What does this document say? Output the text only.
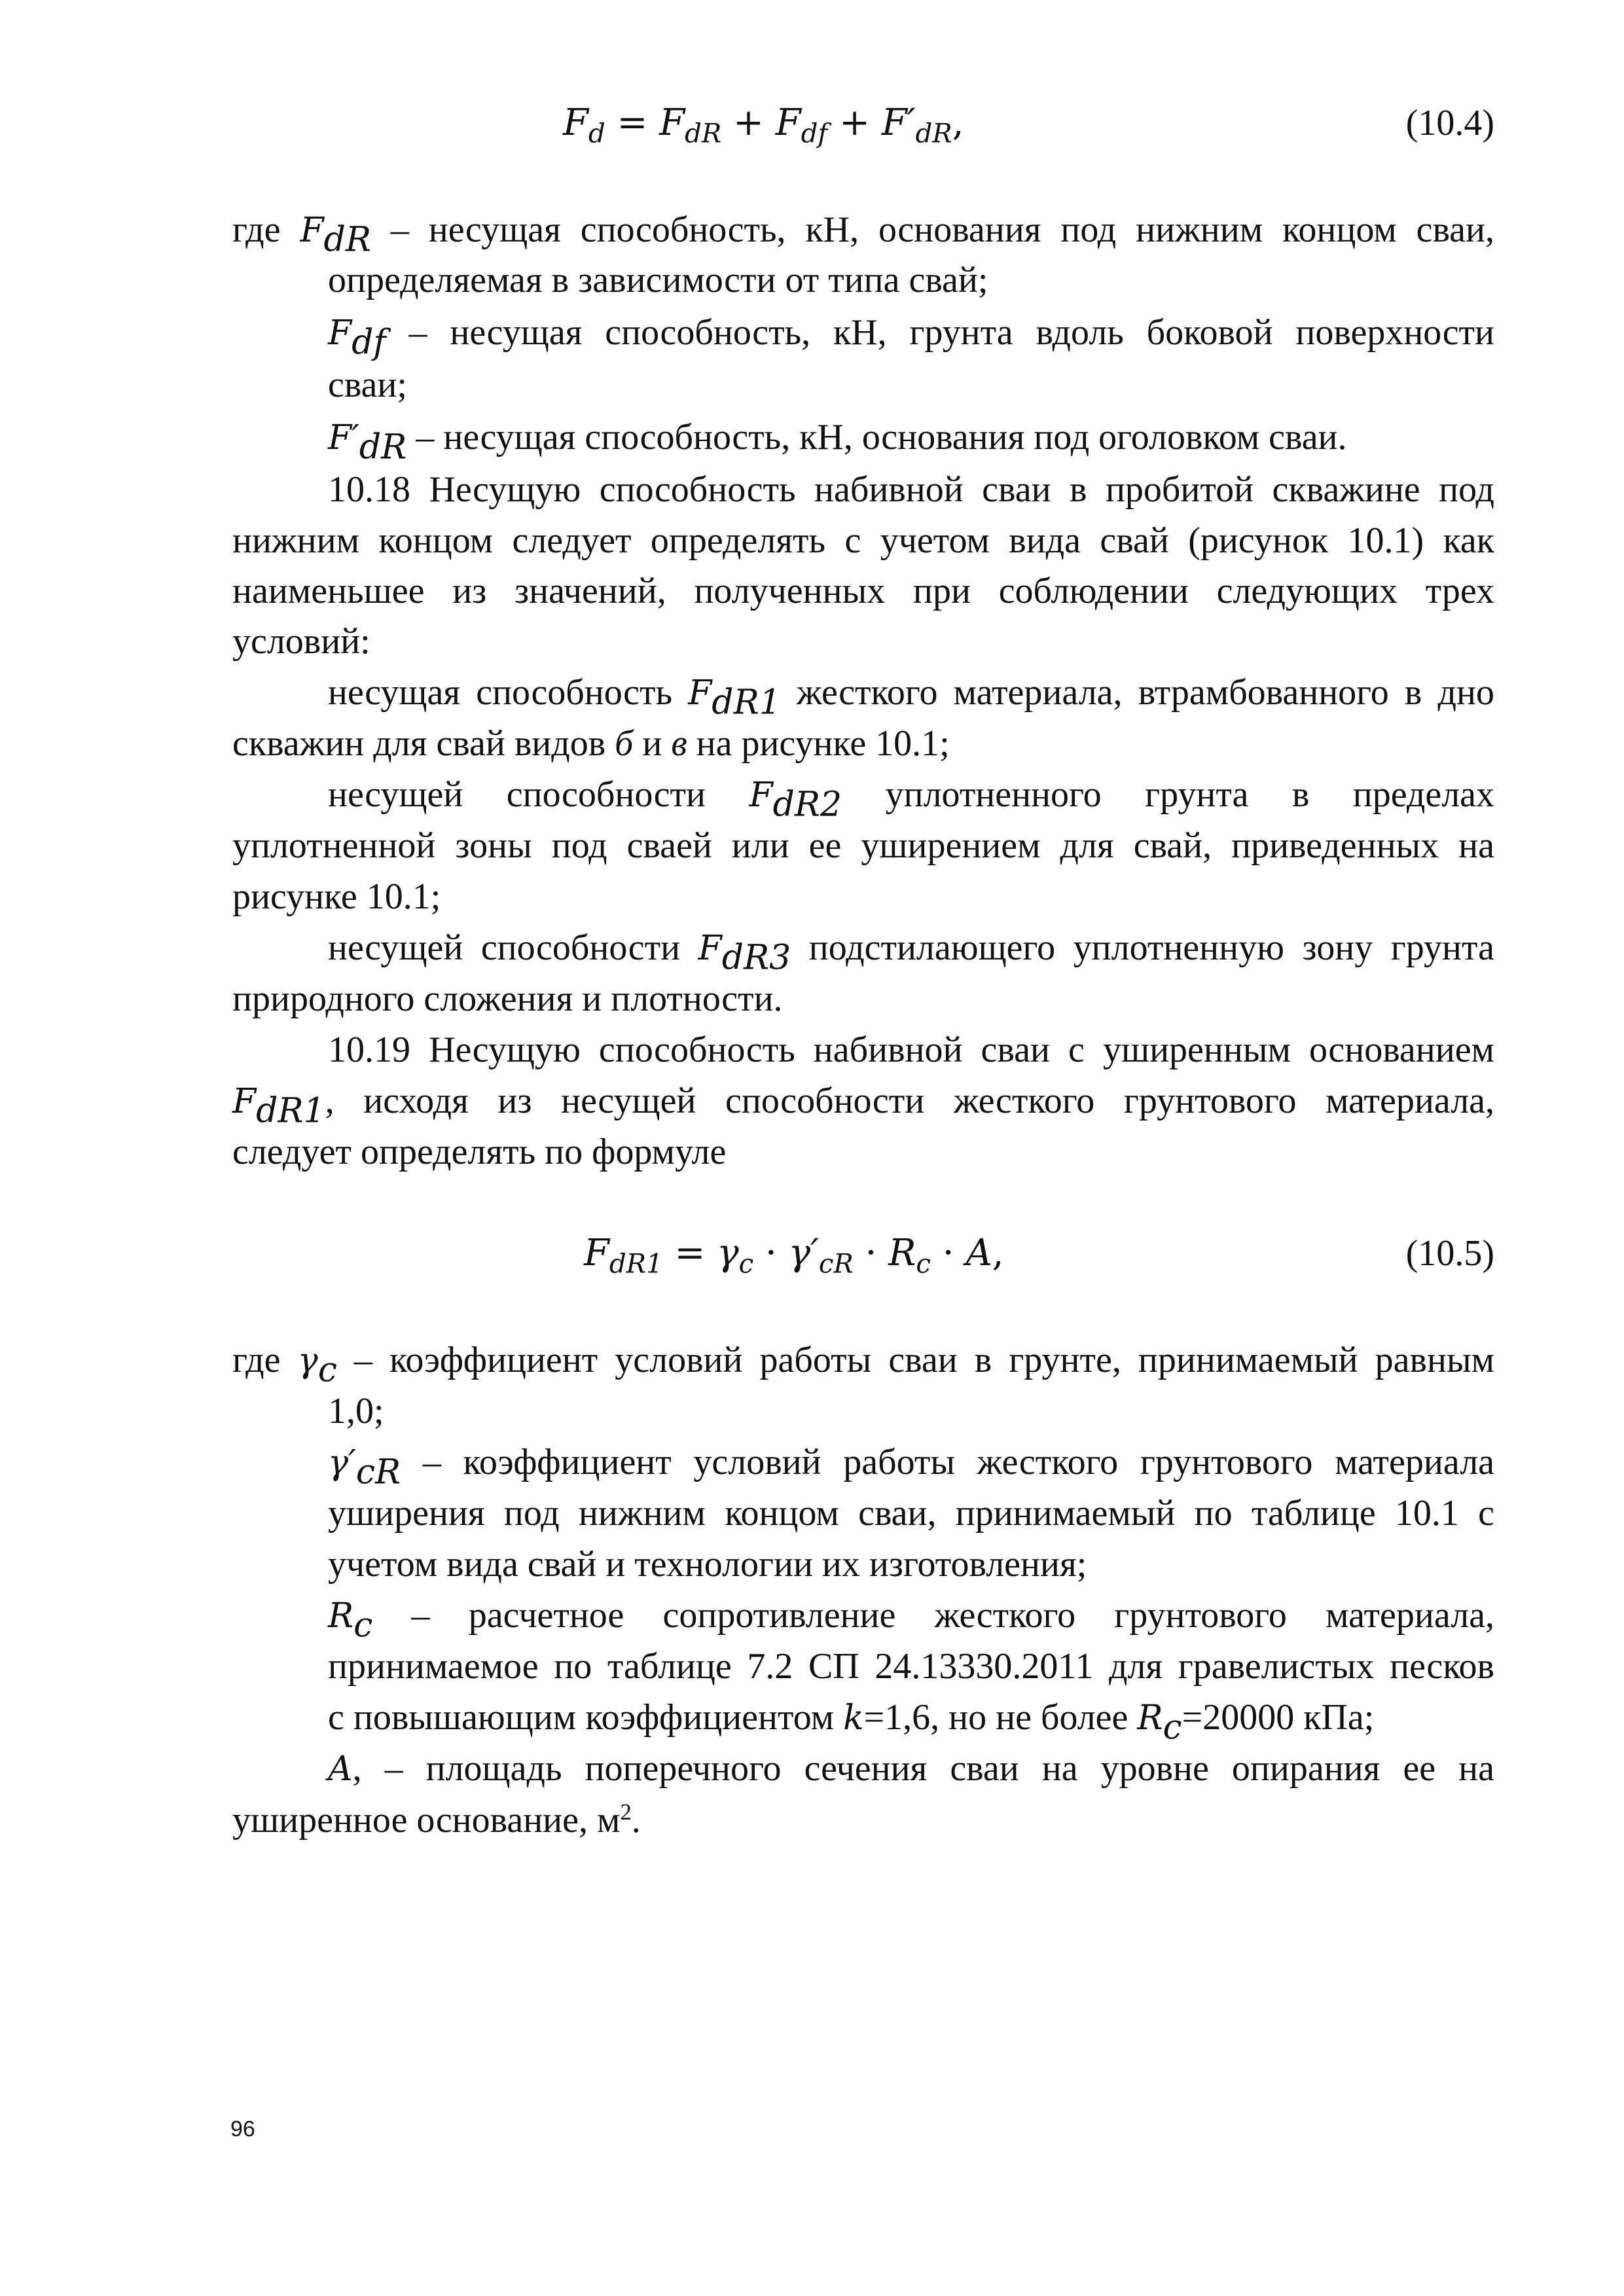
$F_d = F_{dR} + F_{df} + F'_{dR}$,	(10.4)
где FdR – несущая способность, кН, основания под нижним концом сваи,
определяемая в зависимости от типа свай;
Fdf – несущая способность, кН, грунта вдоль боковой поверхности
сваи;
F′dR – несущая способность, кН, основания под оголовком сваи.
10.18 Несущую способность набивной сваи в пробитой скважине под
нижним концом следует определять с учетом вида свай (рисунок 10.1) как
наименьшее из значений, полученных при соблюдении следующих трех
условий:
несущая способность FdR1 жесткого материала, втрамбованного в дно
скважин для свай видов б и в на рисунке 10.1;
несущей способности FdR2 уплотненного грунта в пределах
уплотненной зоны под сваей или ее уширением для свай, приведенных на
рисунке 10.1;
несущей способности FdR3 подстилающего уплотненную зону грунта
природного сложения и плотности.
10.19 Несущую способность набивной сваи с уширенным основанием
FdR1, исходя из несущей способности жесткого грунтового материала,
следует определять по формуле
$F_{dR1} = \gamma_c \cdot \gamma'_{cR} \cdot R_c \cdot A$,	(10.5)
где γc – коэффициент условий работы сваи в грунте, принимаемый равным
1,0;
γ′cR – коэффициент условий работы жесткого грунтового материала
уширения под нижним концом сваи, принимаемый по таблице 10.1 с
учетом вида свай и технологии их изготовления;
Rc – расчетное сопротивление жесткого грунтового материала,
принимаемое по таблице 7.2 СП 24.13330.2011 для гравелистых песков
с повышающим коэффициентом k=1,6, но не более Rc=20000 кПа;
A, – площадь поперечного сечения сваи на уровне опирания ее на
уширенное основание, $м^2$.
96
